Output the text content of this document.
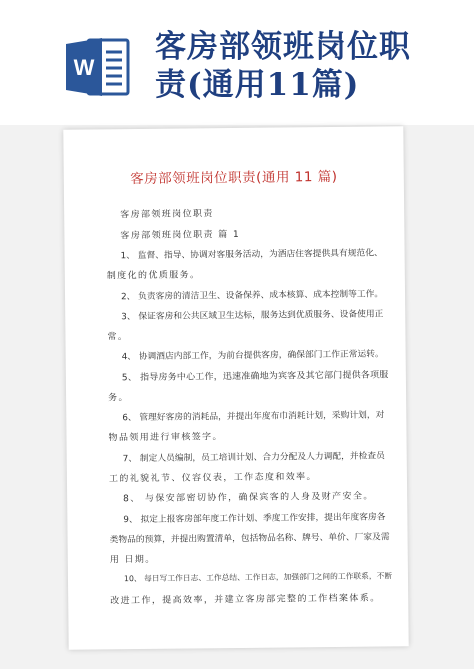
W
客房部领班岗位职
责(通用11篇)
客房部领班岗位职责(通用 11 篇)
客房部领班岗位职责
客房部领班岗位职责 篇 1
1、 监督、指导、协调对客服务活动，为酒店住客提供具有规范化、
制度化的优质服务。
2、 负责客房的清洁卫生、设备保养、成本核算、成本控制等工作。
3、 保证客房和公共区域卫生达标，服务达到优质服务、设备使用正
常。
4、 协调酒店内部工作，为前台提供客房，确保部门工作正常运转。
5、 指导房务中心工作，迅速准确地为宾客及其它部门提供各项服
务。
6、 管理好客房的消耗品，并提出年度布巾消耗计划，采购计划，对
物品领用进行审核签字。
7、 制定人员编制，员工培训计划、合力分配及人力调配，并检查员
工的礼貌礼节、仪容仪表，工作态度和效率。
8、 与保安部密切协作，确保宾客的人身及财产安全。
9、 拟定上报客房部年度工作计划、季度工作安排，提出年度客房各
类物品的预算，并提出购置清单，包括物品名称、牌号、单价、厂家及需
用 日期。
10、 每日写工作日志、工作总结、工作日志，加强部门之间的工作联系，不断
改进工作，提高效率，并建立客房部完整的工作档案体系。
